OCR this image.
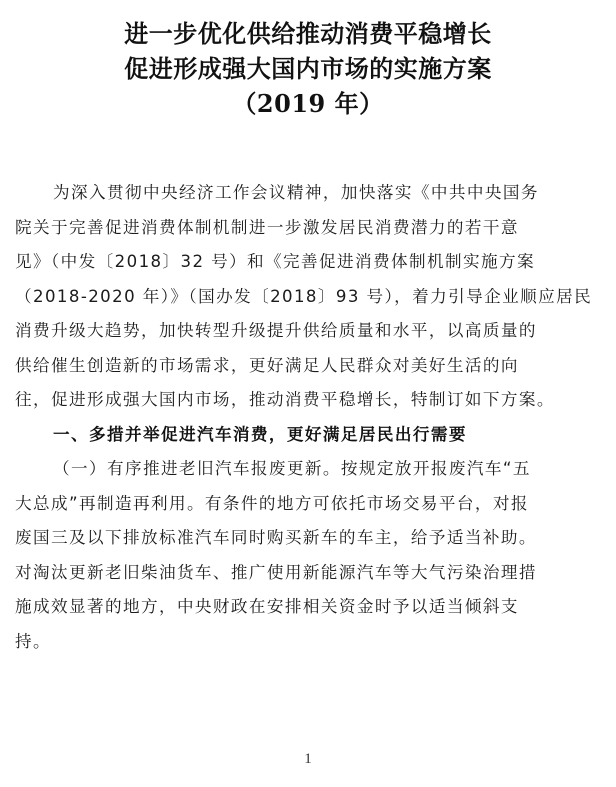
进一步优化供给推动消费平稳增长
促进形成强大国内市场的实施方案
（2019 年）

为深入贯彻中央经济工作会议精神，加快落实《中共中央国务

院关于完善促进消费体制机制进一步激发居民消费潜力的若干意

见》（中发〔2018〕32 号）和《完善促进消费体制机制实施方案

（2018-2020 年）》（国办发〔2018〕93 号），着力引导企业顺应居民

消费升级大趋势，加快转型升级提升供给质量和水平，以高质量的

供给催生创造新的市场需求，更好满足人民群众对美好生活的向

往，促进形成强大国内市场，推动消费平稳增长，特制订如下方案。

一、多措并举促进汽车消费，更好满足居民出行需要

（一）有序推进老旧汽车报废更新。按规定放开报废汽车“五

大总成”再制造再利用。有条件的地方可依托市场交易平台，对报

废国三及以下排放标准汽车同时购买新车的车主，给予适当补助。

对淘汰更新老旧柴油货车、推广使用新能源汽车等大气污染治理措

施成效显著的地方，中央财政在安排相关资金时予以适当倾斜支

持。

1
